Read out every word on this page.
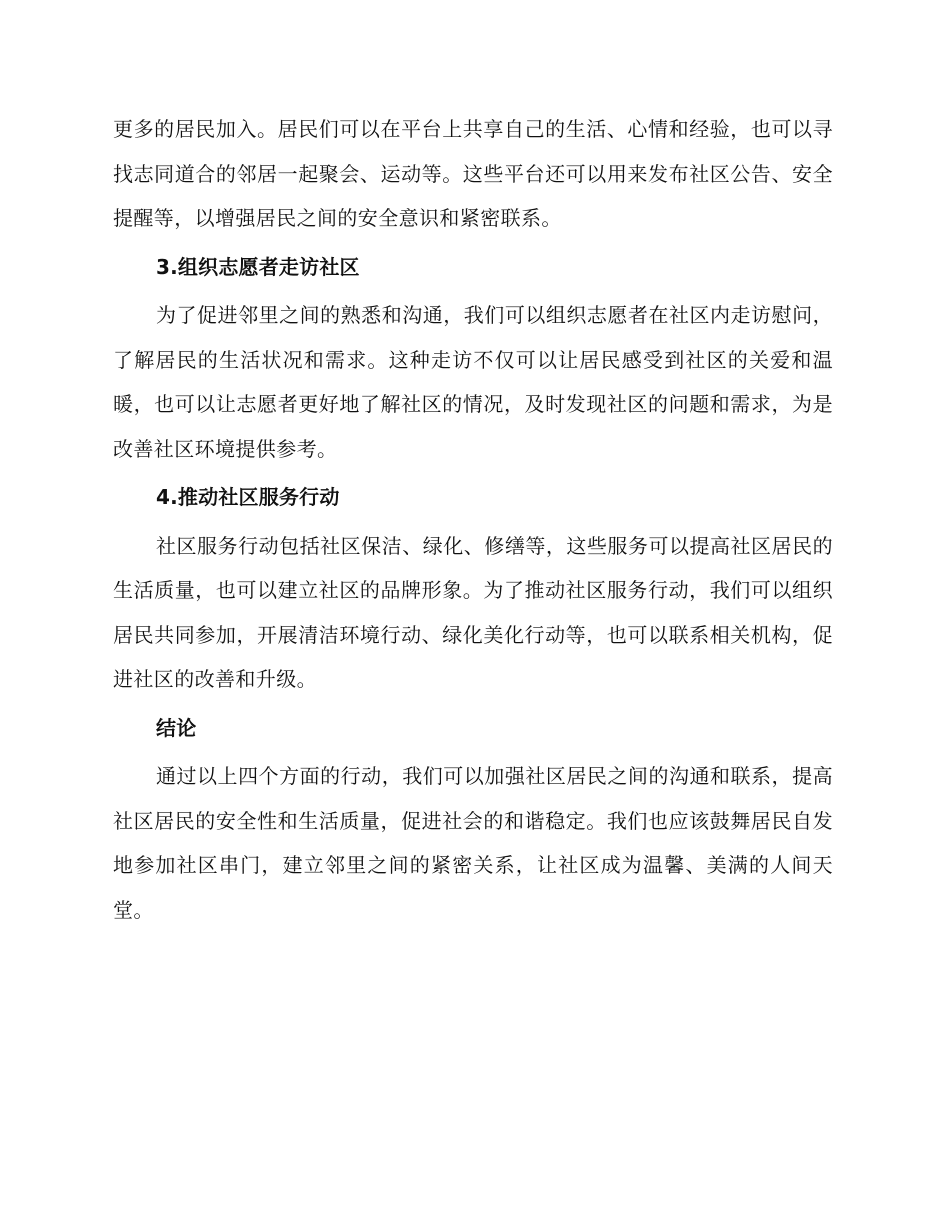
更多的居民加入。居民们可以在平台上共享自己的生活、心情和经验，也可以寻找志同道合的邻居一起聚会、运动等。这些平台还可以用来发布社区公告、安全提醒等，以增强居民之间的安全意识和紧密联系。

3.组织志愿者走访社区

为了促进邻里之间的熟悉和沟通，我们可以组织志愿者在社区内走访慰问，了解居民的生活状况和需求。这种走访不仅可以让居民感受到社区的关爱和温暖，也可以让志愿者更好地了解社区的情况，及时发现社区的问题和需求，为是改善社区环境提供参考。

4.推动社区服务行动

社区服务行动包括社区保洁、绿化、修缮等，这些服务可以提高社区居民的生活质量，也可以建立社区的品牌形象。为了推动社区服务行动，我们可以组织居民共同参加，开展清洁环境行动、绿化美化行动等，也可以联系相关机构，促进社区的改善和升级。

结论

通过以上四个方面的行动，我们可以加强社区居民之间的沟通和联系，提高社区居民的安全性和生活质量，促进社会的和谐稳定。我们也应该鼓舞居民自发地参加社区串门，建立邻里之间的紧密关系，让社区成为温馨、美满的人间天堂。
